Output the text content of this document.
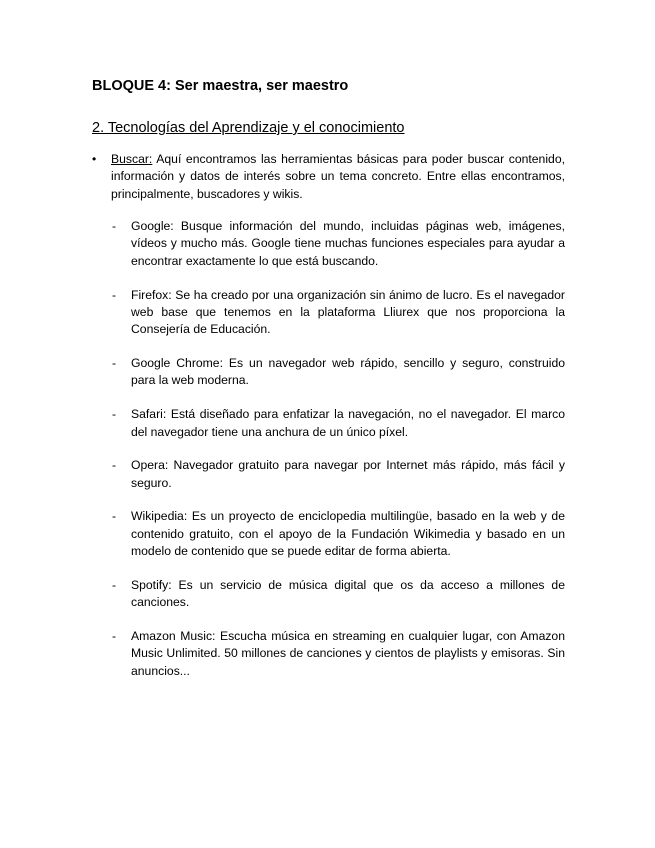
BLOQUE 4: Ser maestra, ser maestro
2. Tecnologías del Aprendizaje y el conocimiento
• Buscar: Aquí encontramos las herramientas básicas para poder buscar contenido, información y datos de interés sobre un tema concreto. Entre ellas encontramos, principalmente, buscadores y wikis.
- Google: Busque información del mundo, incluidas páginas web, imágenes, vídeos y mucho más. Google tiene muchas funciones especiales para ayudar a encontrar exactamente lo que está buscando.
- Firefox: Se ha creado por una organización sin ánimo de lucro. Es el navegador web base que tenemos en la plataforma Lliurex que nos proporciona la Consejería de Educación.
- Google Chrome: Es un navegador web rápido, sencillo y seguro, construido para la web moderna.
- Safari: Está diseñado para enfatizar la navegación, no el navegador. El marco del navegador tiene una anchura de un único píxel.
- Opera: Navegador gratuito para navegar por Internet más rápido, más fácil y seguro.
- Wikipedia: Es un proyecto de enciclopedia multilingüe, basado en la web y de contenido gratuito, con el apoyo de la Fundación Wikimedia y basado en un modelo de contenido que se puede editar de forma abierta.
- Spotify: Es un servicio de música digital que os da acceso a millones de canciones.
- Amazon Music: Escucha música en streaming en cualquier lugar, con Amazon Music Unlimited. 50 millones de canciones y cientos de playlists y emisoras. Sin anuncios...
